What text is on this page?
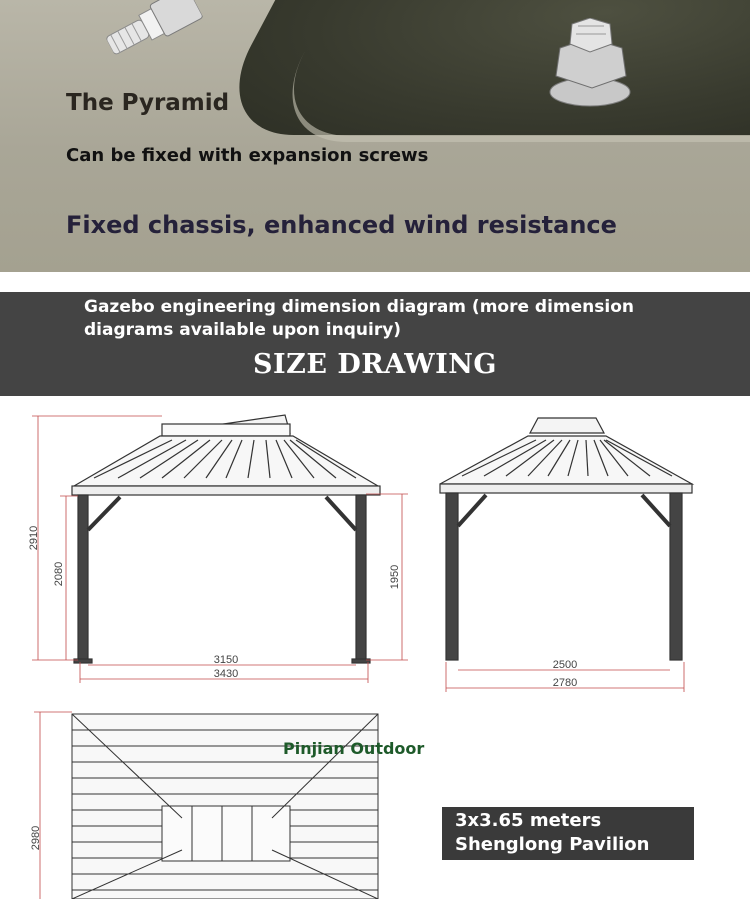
The Pyramid

Can be fixed with expansion screws

Fixed chassis, enhanced wind resistance

Gazebo engineering dimension diagram (more dimension diagrams available upon inquiry)

SIZE DRAWING
2910
2080
3150
3430
1950
2500
2780
2980

Pinjian Outdoor

3x3.65 meters

Shenglong Pavilion
